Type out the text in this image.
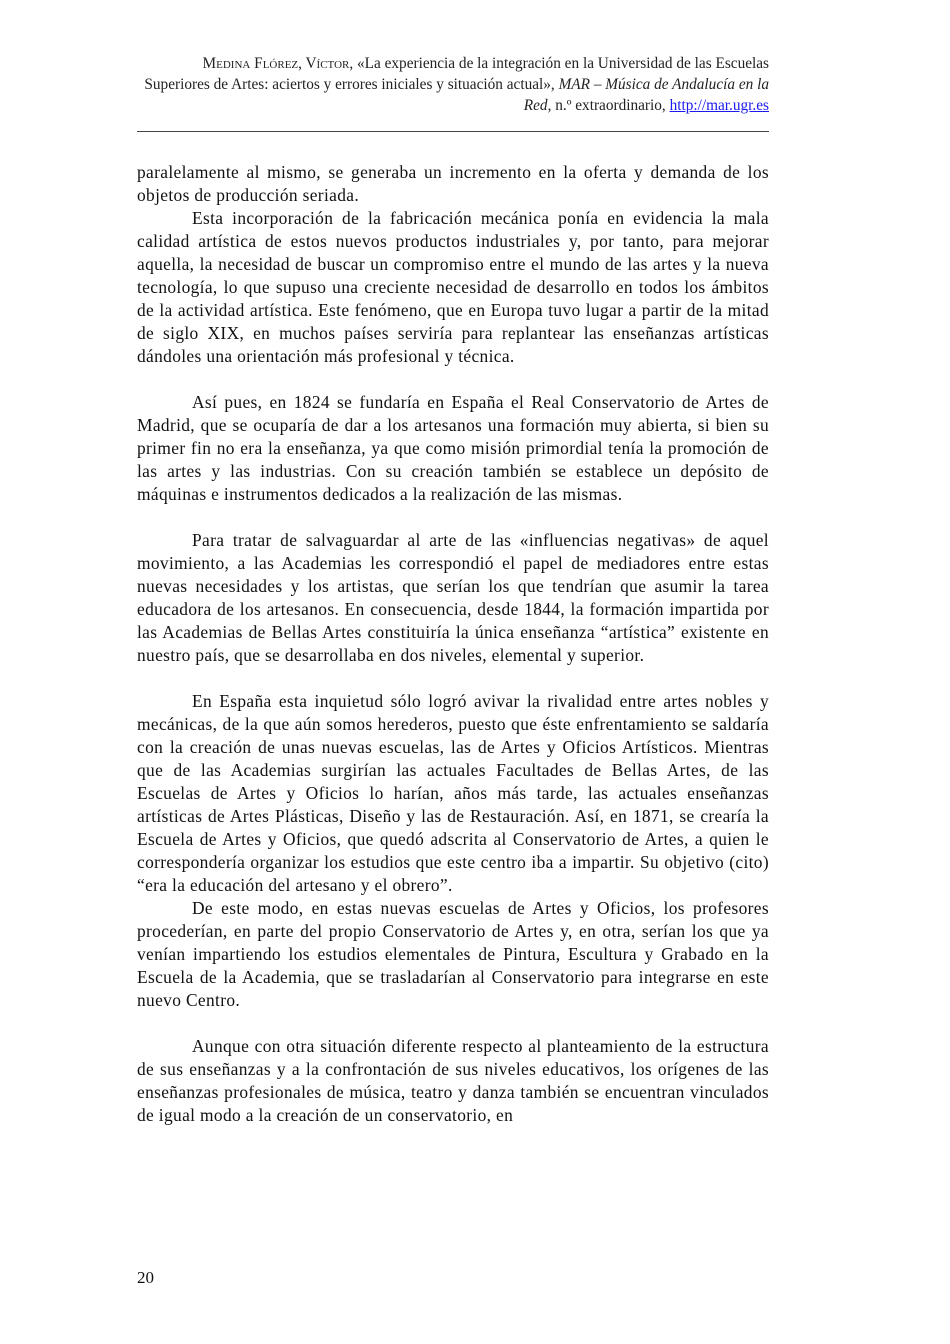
Medina Flórez, Víctor, «La experiencia de la integración en la Universidad de las Escuelas Superiores de Artes: aciertos y errores iniciales y situación actual», MAR – Música de Andalucía en la Red, n.º extraordinario, http://mar.ugr.es

paralelamente al mismo, se generaba un incremento en la oferta y demanda de los objetos de producción seriada.

Esta incorporación de la fabricación mecánica ponía en evidencia la mala calidad artística de estos nuevos productos industriales y, por tanto, para mejorar aquella, la necesidad de buscar un compromiso entre el mundo de las artes y la nueva tecnología, lo que supuso una creciente necesidad de desarrollo en todos los ámbitos de la actividad artística. Este fenómeno, que en Europa tuvo lugar a partir de la mitad de siglo XIX, en muchos países serviría para replantear las enseñanzas artísticas dándoles una orientación más profesional y técnica.

Así pues, en 1824 se fundaría en España el Real Conservatorio de Artes de Madrid, que se ocuparía de dar a los artesanos una formación muy abierta, si bien su primer fin no era la enseñanza, ya que como misión primordial tenía la promoción de las artes y las industrias. Con su creación también se establece un depósito de máquinas e instrumentos dedicados a la realización de las mismas.

Para tratar de salvaguardar al arte de las «influencias negativas» de aquel movimiento, a las Academias les correspondió el papel de mediadores entre estas nuevas necesidades y los artistas, que serían los que tendrían que asumir la tarea educadora de los artesanos. En consecuencia, desde 1844, la formación impartida por las Academias de Bellas Artes constituiría la única enseñanza “artística” existente en nuestro país, que se desarrollaba en dos niveles, elemental y superior.

En España esta inquietud sólo logró avivar la rivalidad entre artes nobles y mecánicas, de la que aún somos herederos, puesto que éste enfrentamiento se saldaría con la creación de unas nuevas escuelas, las de Artes y Oficios Artísticos. Mientras que de las Academias surgirían las actuales Facultades de Bellas Artes, de las Escuelas de Artes y Oficios lo harían, años más tarde, las actuales enseñanzas artísticas de Artes Plásticas, Diseño y las de Restauración. Así, en 1871, se crearía la Escuela de Artes y Oficios, que quedó adscrita al Conservatorio de Artes, a quien le correspondería organizar los estudios que este centro iba a impartir. Su objetivo (cito) “era la educación del artesano y el obrero”.

De este modo, en estas nuevas escuelas de Artes y Oficios, los profesores procederían, en parte del propio Conservatorio de Artes y, en otra, serían los que ya venían impartiendo los estudios elementales de Pintura, Escultura y Grabado en la Escuela de la Academia, que se trasladarían al Conservatorio para integrarse en este nuevo Centro.

Aunque con otra situación diferente respecto al planteamiento de la estructura de sus enseñanzas y a la confrontación de sus niveles educativos, los orígenes de las enseñanzas profesionales de música, teatro y danza también se encuentran vinculados de igual modo a la creación de un conservatorio, en

20
